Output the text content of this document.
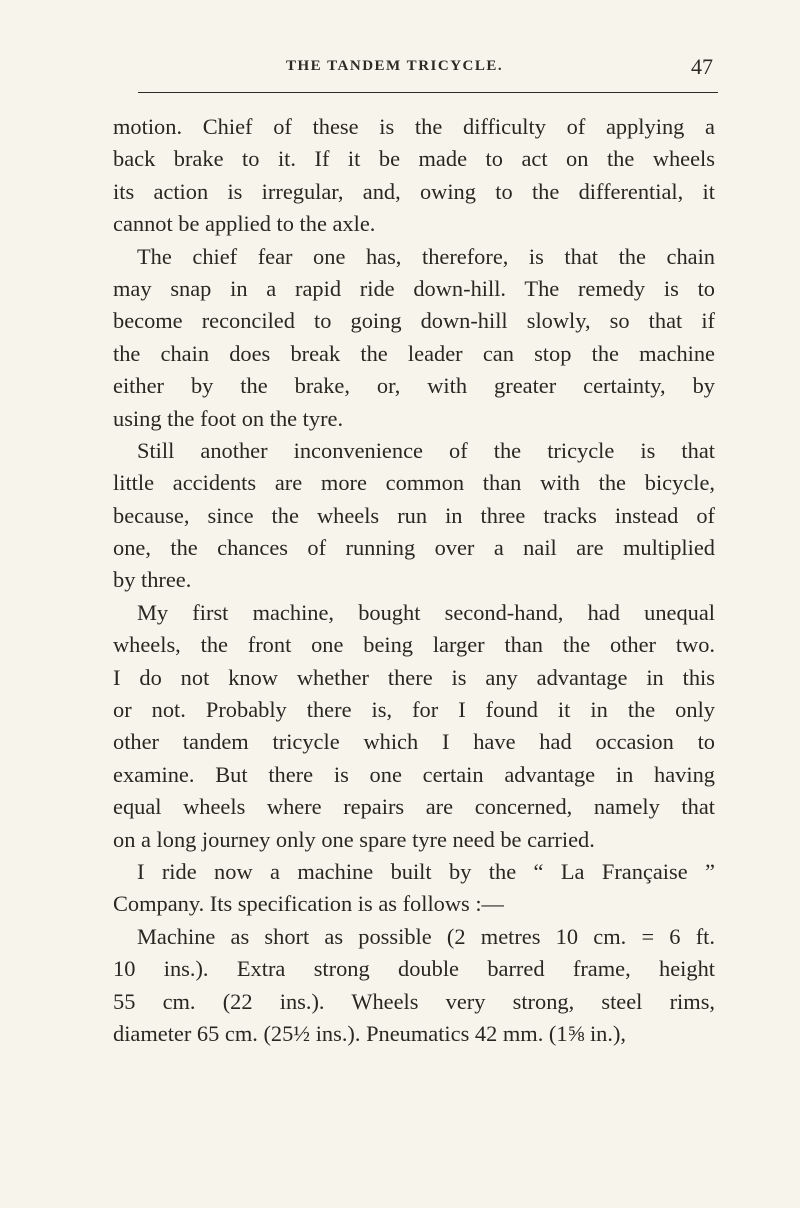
THE TANDEM TRICYCLE.	47
motion. Chief of these is the difficulty of applying a
back brake to it. If it be made to act on the wheels
its action is irregular, and, owing to the differential, it
cannot be applied to the axle.
The chief fear one has, therefore, is that the chain
may snap in a rapid ride down-hill. The remedy is to
become reconciled to going down-hill slowly, so that if
the chain does break the leader can stop the machine
either by the brake, or, with greater certainty, by
using the foot on the tyre.
Still another inconvenience of the tricycle is that
little accidents are more common than with the bicycle,
because, since the wheels run in three tracks instead of
one, the chances of running over a nail are multiplied
by three.
My first machine, bought second-hand, had unequal
wheels, the front one being larger than the other two.
I do not know whether there is any advantage in this
or not. Probably there is, for I found it in the only
other tandem tricycle which I have had occasion to
examine. But there is one certain advantage in having
equal wheels where repairs are concerned, namely that
on a long journey only one spare tyre need be carried.
I ride now a machine built by the “ La Française ”
Company. Its specification is as follows :—
Machine as short as possible (2 metres 10 cm. = 6 ft.
10 ins.). Extra strong double barred frame, height
55 cm. (22 ins.). Wheels very strong, steel rims,
diameter 65 cm. (25½ ins.). Pneumatics 42 mm. (1⅝ in.),
